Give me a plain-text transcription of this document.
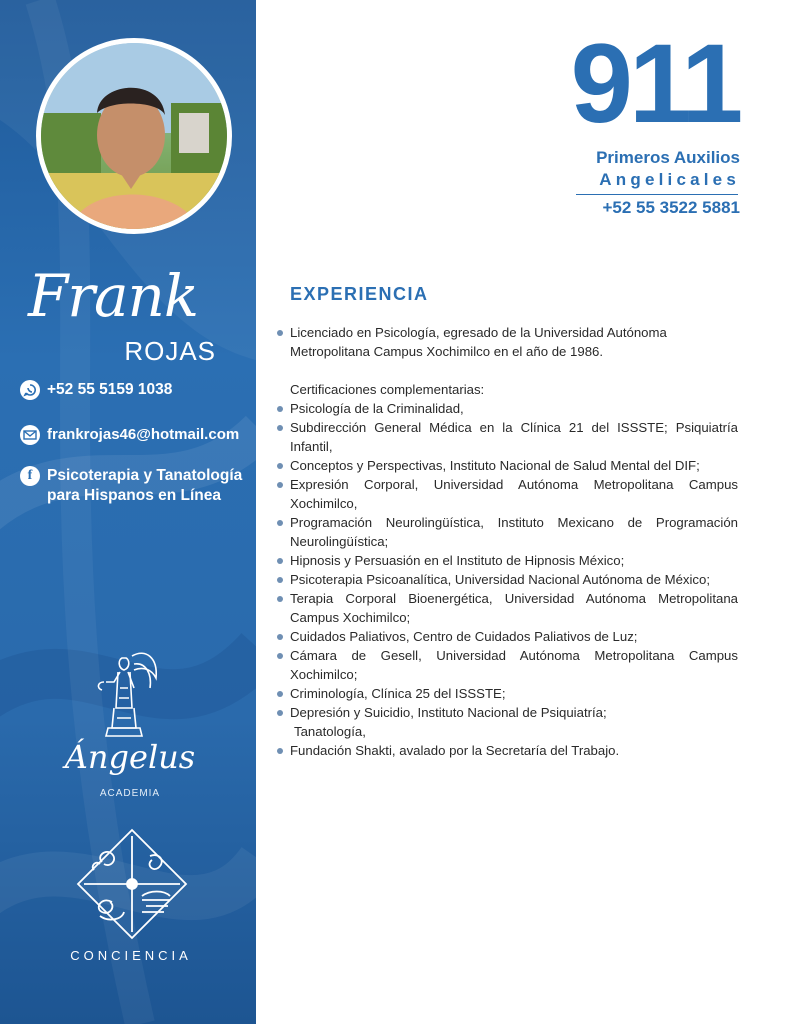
Frank
ROJAS
+52 55 5159 1038
frankrojas46@hotmail.com
f Psicoterapia y Tanatología para Hispanos en Línea
Ángelus
ACADEMIA
CONCIENCIA
911
Primeros Auxilios
Angelicales
+52 55 3522 5881
EXPERIENCIA
Licenciado en Psicología, egresado de la Universidad Autónoma Metropolitana Campus Xochimilco en el año de 1986.
Certificaciones complementarias:
Psicología de la Criminalidad,
Subdirección General Médica en la Clínica 21 del ISSSTE; Psiquiatría Infantil,
Conceptos y Perspectivas, Instituto Nacional de Salud Mental del DIF;
Expresión Corporal, Universidad Autónoma Metropolitana Campus Xochimilco,
Programación Neurolingüística, Instituto Mexicano de Programación Neurolingüística;
Hipnosis y Persuasión en el Instituto de Hipnosis México;
Psicoterapia Psicoanalítica, Universidad Nacional Autónoma de México;
Terapia Corporal Bioenergética, Universidad Autónoma Metropolitana Campus Xochimilco;
Cuidados Paliativos, Centro de Cuidados Paliativos de Luz;
Cámara de Gesell, Universidad Autónoma Metropolitana Campus Xochimilco;
Criminología, Clínica 25 del ISSSTE;
Depresión y Suicidio, Instituto Nacional de Psiquiatría;
Tanatología,
Fundación Shakti, avalado por la Secretaría del Trabajo.
